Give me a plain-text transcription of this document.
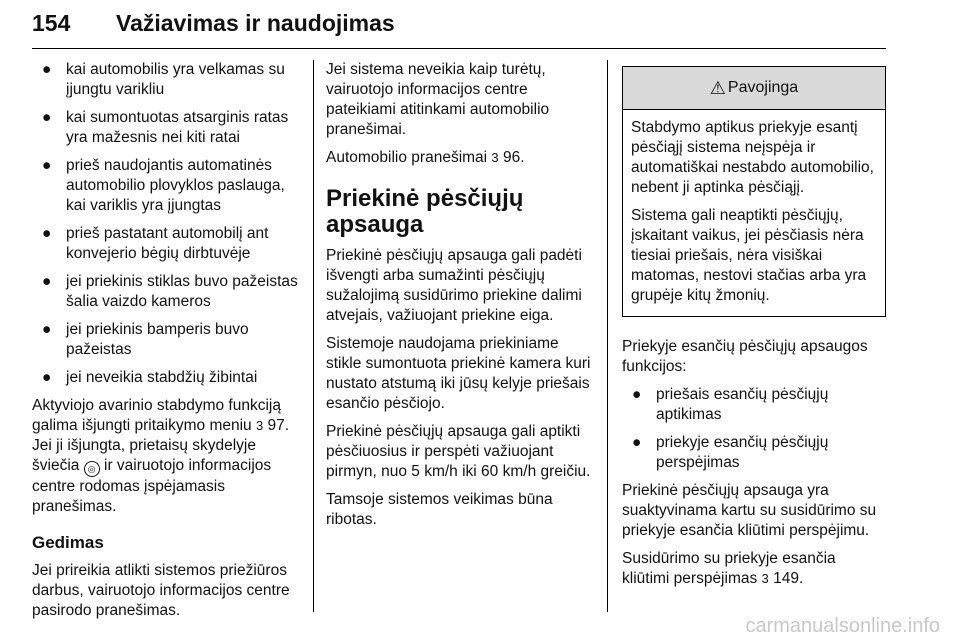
154 Važiavimas ir naudojimas
● kai automobilis yra velkamas su įjungtu varikliu
● kai sumontuotas atsarginis ratas yra mažesnis nei kiti ratai
● prieš naudojantis automatinės automobilio plovyklos paslauga, kai variklis yra įjungtas
● prieš pastatant automobilį ant konvejerio bėgių dirbtuvėje
● jei priekinis stiklas buvo pažeistas šalia vaizdo kameros
● jei priekinis bamperis buvo pažeistas
● jei neveikia stabdžių žibintai

Aktyviojo avarinio stabdymo funkciją galima išjungti pritaikymo meniu 3 97. Jei ji išjungta, prietaisų skydelyje šviečia ◎ ir vairuotojo informacijos centre rodomas įspėjamasis pranešimas.

Gedimas

Jei prireikia atlikti sistemos priežiūros darbus, vairuotojo informacijos centre pasirodo pranešimas.

Jei sistema neveikia kaip turėtų, vairuotojo informacijos centre pateikiami atitinkami automobilio pranešimai.

Automobilio pranešimai 3 96.

Priekinė pėsčiųjų apsauga

Priekinė pėsčiųjų apsauga gali padėti išvengti arba sumažinti pėsčiųjų sužalojimą susidūrimo priekine dalimi atvejais, važiuojant priekine eiga.

Sistemoje naudojama priekiniame stikle sumontuota priekinė kamera kuri nustato atstumą iki jūsų kelyje priešais esančio pėsčiojo.

Priekinė pėsčiųjų apsauga gali aptikti pėsčiuosius ir perspėti važiuojant pirmyn, nuo 5 km/h iki 60 km/h greičiu.

Tamsoje sistemos veikimas būna ribotas.

⚠ Pavojinga

Stabdymo aptikus priekyje esantį pėsčiąjį sistema neįspėja ir automatiškai nestabdo automobilio, nebent ji aptinka pėsčiąjį.

Sistema gali neaptikti pėsčiųjų, įskaitant vaikus, jei pėsčiasis nėra tiesiai priešais, nėra visiškai matomas, nestovi stačias arba yra grupėje kitų žmonių.

Priekyje esančių pėsčiųjų apsaugos funkcijos:

● priešais esančių pėsčiųjų aptikimas
● priekyje esančių pėsčiųjų perspėjimas

Priekinė pėsčiųjų apsauga yra suaktyvinama kartu su susidūrimo su priekyje esančia kliūtimi perspėjimu.

Susidūrimo su priekyje esančia kliūtimi perspėjimas 3 149.

carmanualsonline.info
